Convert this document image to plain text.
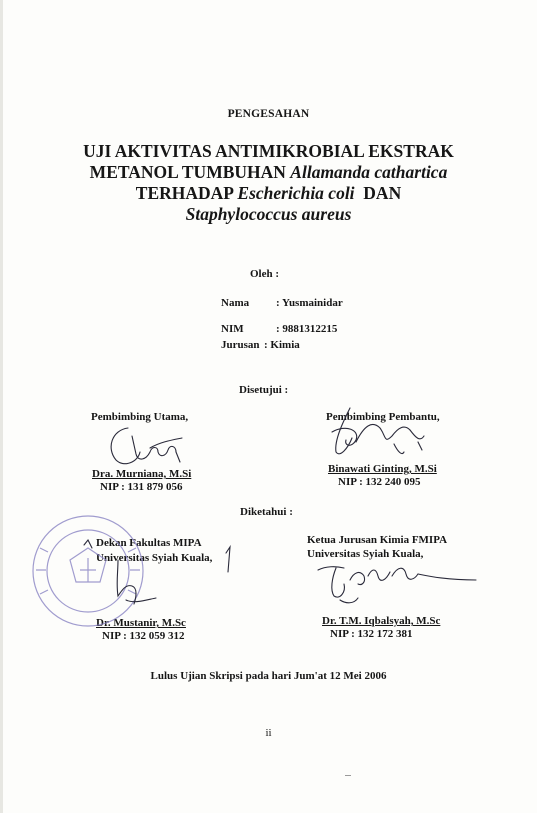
PENGESAHAN
UJI AKTIVITAS ANTIMIKROBIAL EKSTRAK
METANOL TUMBUHAN Allamanda cathartica
TERHADAP Escherichia coli  DAN
Staphylococcus aureus
Oleh :
Nama : Yusmainidar
NIM	: 9881312215
Jurusan : Kimia
Disetujui :
Pembimbing Utama,
Dra. Murniana, M.Si
NIP : 131 879 056
Pembimbing Pembantu,
Binawati Ginting, M.Si
NIP : 132 240 095
Diketahui :
Dekan Fakultas MIPA
Universitas Syiah Kuala,
Dr. Mustanir, M.Sc
NIP : 132 059 312
Ketua Jurusan Kimia FMIPA
Universitas Syiah Kuala,
Dr. T.M. Iqbalsyah, M.Sc
NIP : 132 172 381
Lulus Ujian Skripsi pada hari Jum'at 12 Mei 2006
ii
